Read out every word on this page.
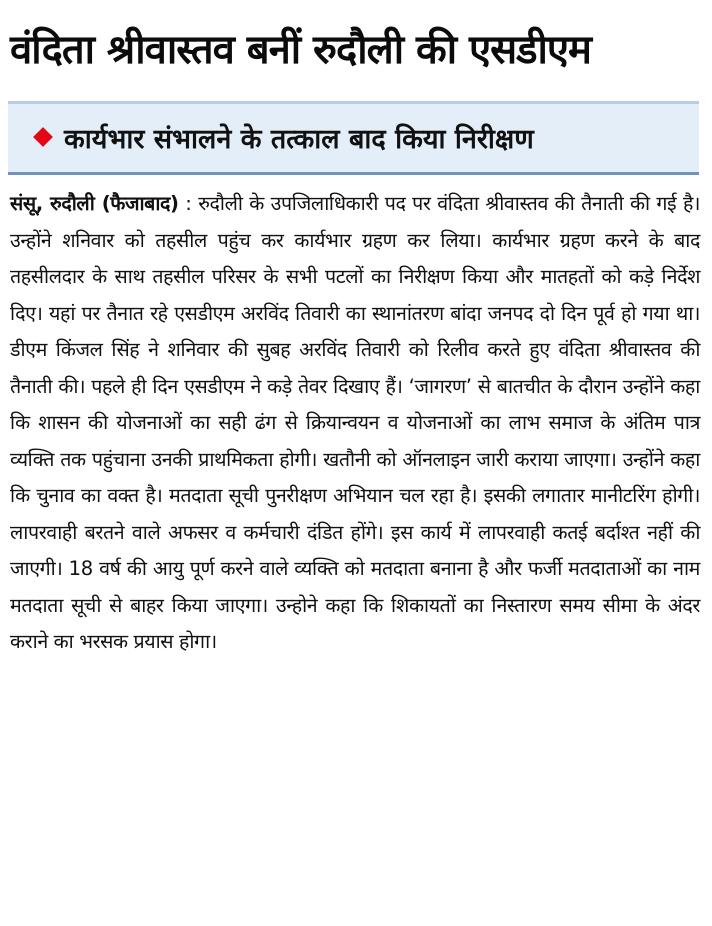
वंदिता श्रीवास्तव बनीं रुदौली की एसडीएम
कार्यभार संभालने के तत्काल बाद किया निरीक्षण

संसू, रुदौली (फैजाबाद) : रुदौली के उपजिलाधिकारी पद पर वंदिता श्रीवास्तव की तैनाती की गई है। उन्होंने शनिवार को तहसील पहुंच कर कार्यभार ग्रहण कर लिया। कार्यभार ग्रहण करने के बाद तहसीलदार के साथ तहसील परिसर के सभी पटलों का निरीक्षण किया और मातहतों को कड़े निर्देश दिए। यहां पर तैनात रहे एसडीएम अरविंद तिवारी का स्थानांतरण बांदा जनपद दो दिन पूर्व हो गया था। डीएम किंजल सिंह ने शनिवार की सुबह अरविंद तिवारी को रिलीव करते हुए वंदिता श्रीवास्तव की तैनाती की। पहले ही दिन एसडीएम ने कड़े तेवर दिखाए हैं। ‘जागरण’ से बातचीत के दौरान उन्होंने कहा कि शासन की योजनाओं का सही ढंग से क्रियान्वयन व योजनाओं का लाभ समाज के अंतिम पात्र व्यक्ति तक पहुंचाना उनकी प्राथमिकता होगी। खतौनी को ऑनलाइन जारी कराया जाएगा। उन्होंने कहा कि चुनाव का वक्त है। मतदाता सूची पुनरीक्षण अभियान चल रहा है। इसकी लगातार मानीटरिंग होगी। लापरवाही बरतने वाले अफसर व कर्मचारी दंडित होंगे। इस कार्य में लापरवाही कतई बर्दाश्त नहीं की जाएगी। 18 वर्ष की आयु पूर्ण करने वाले व्यक्ति को मतदाता बनाना है और फर्जी मतदाताओं का नाम मतदाता सूची से बाहर किया जाएगा। उन्होने कहा कि शिकायतों का निस्तारण समय सीमा के अंदर कराने का भरसक प्रयास होगा।
